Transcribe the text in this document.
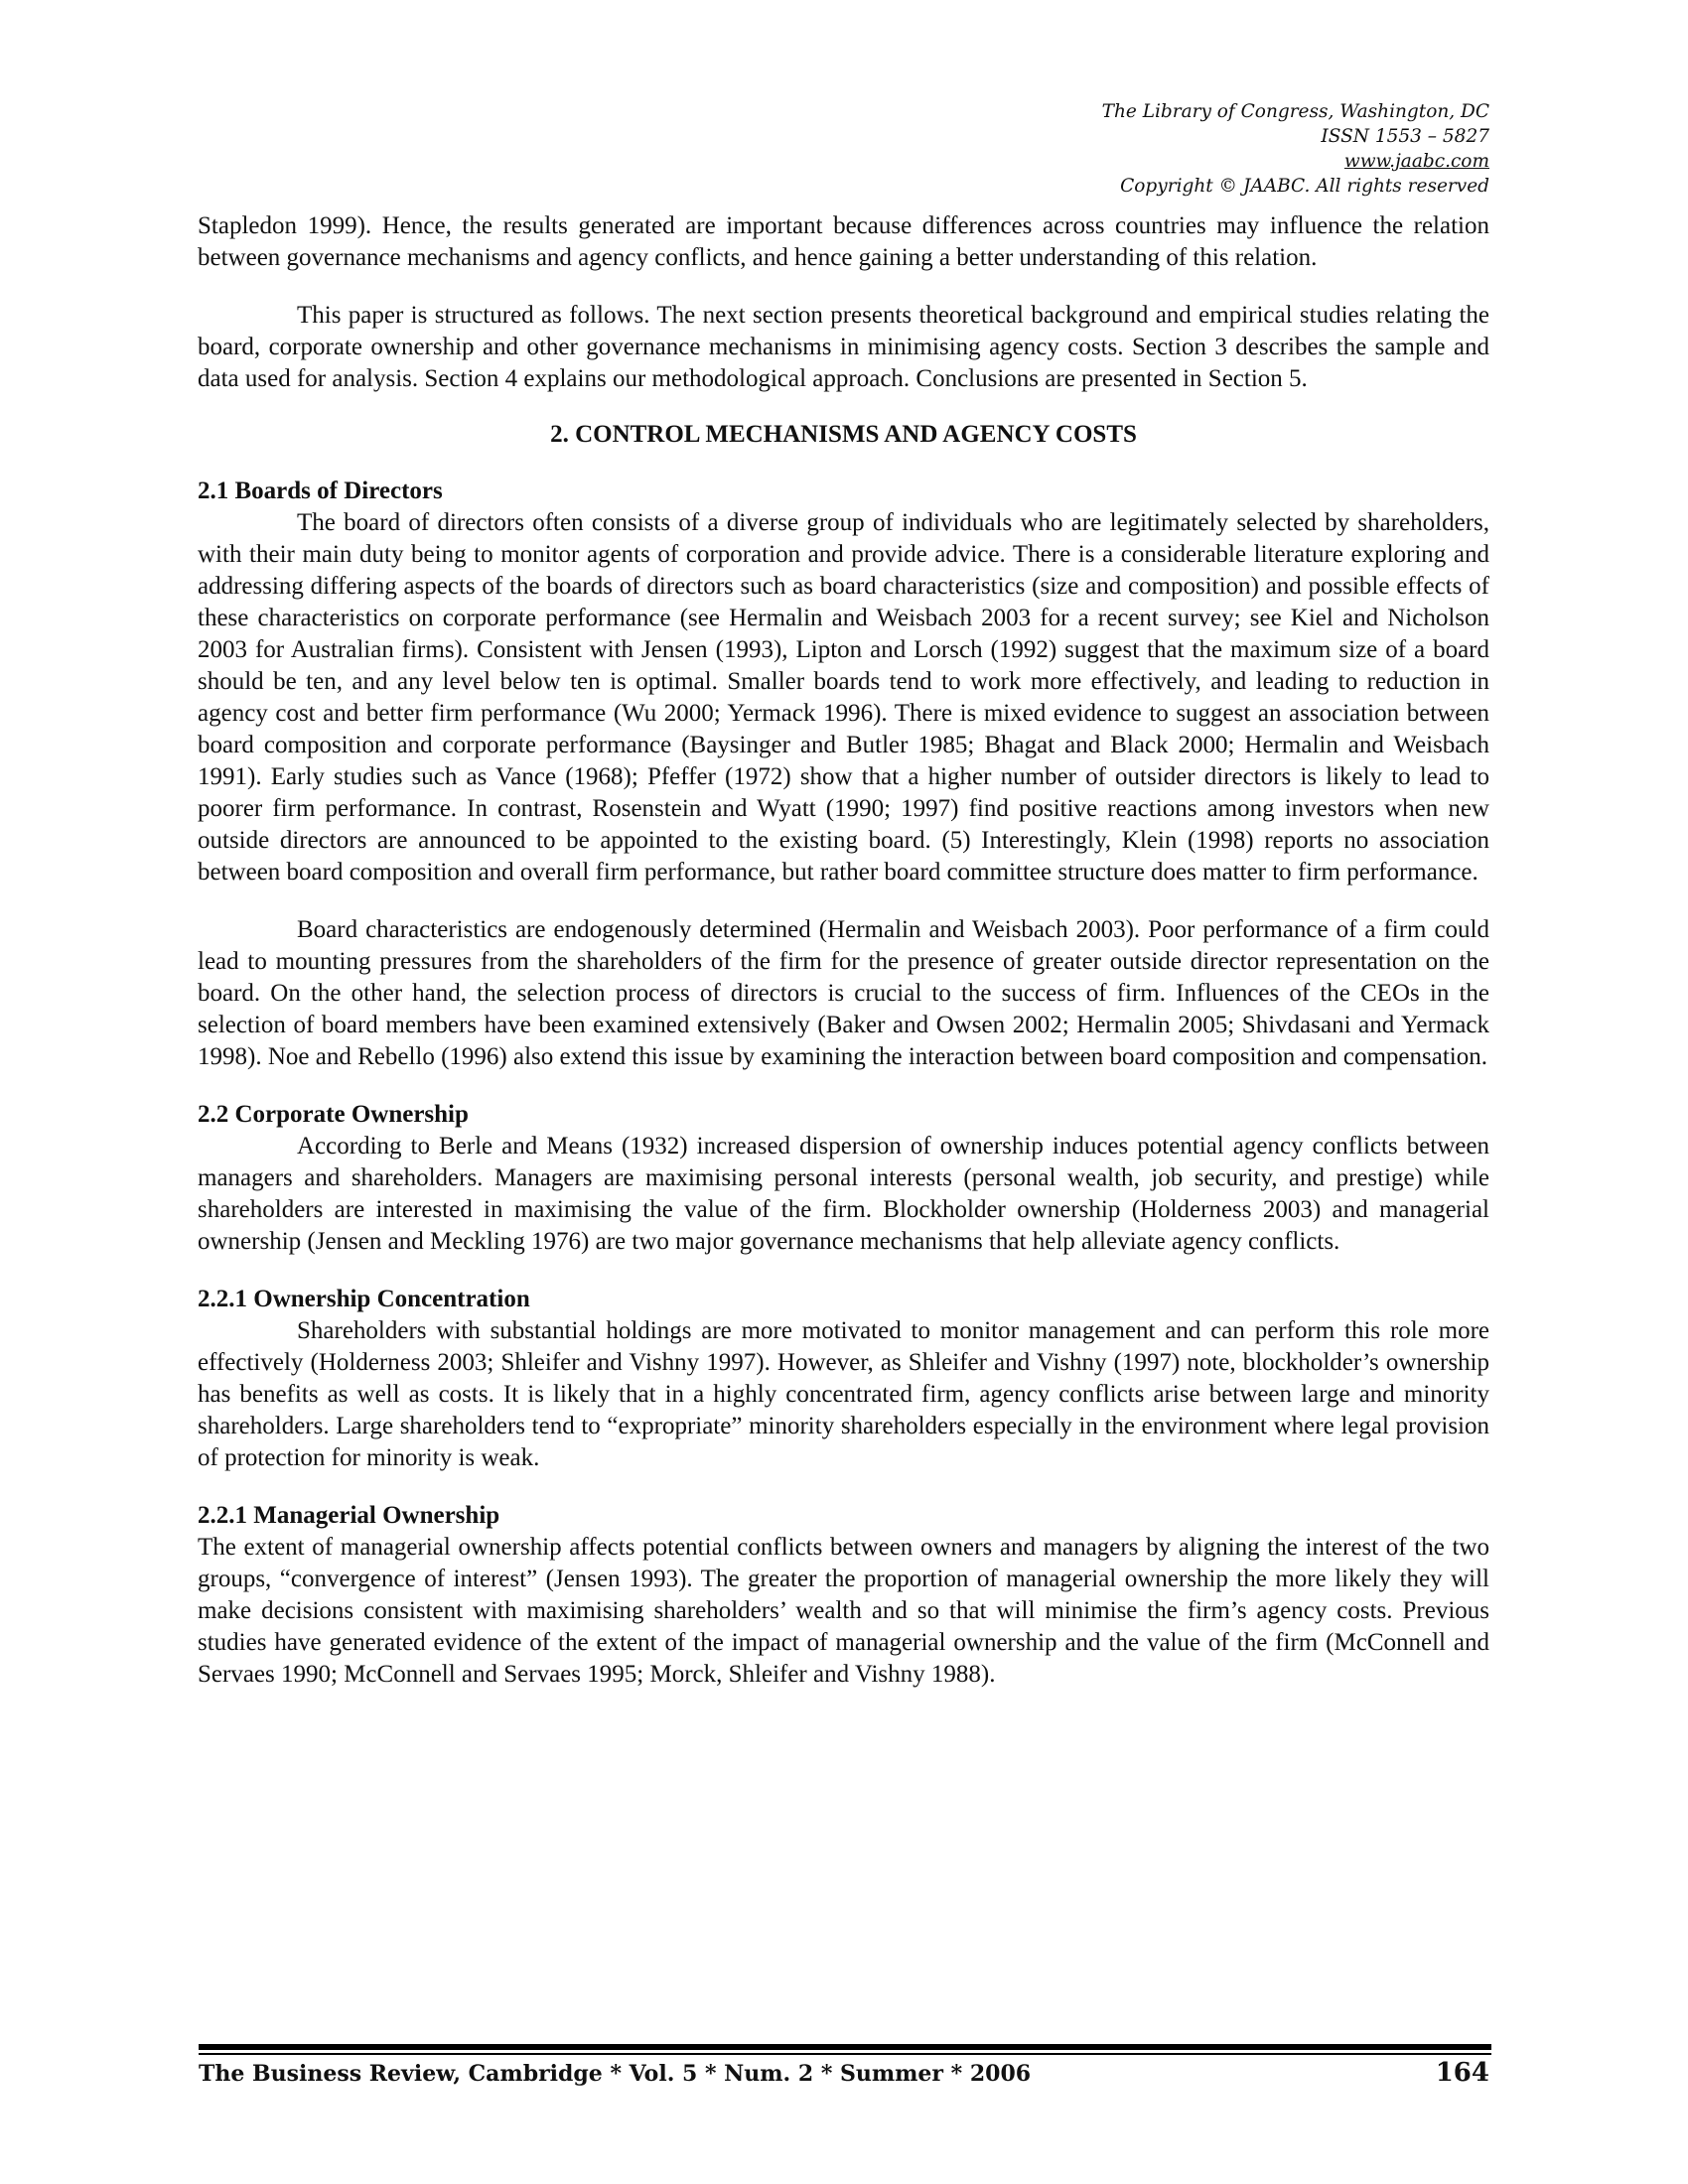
The Library of Congress, Washington, DC
ISSN 1553 – 5827
www.jaabc.com
Copyright © JAABC. All rights reserved

Stapledon 1999). Hence, the results generated are important because differences across countries may influence the relation between governance mechanisms and agency conflicts, and hence gaining a better understanding of this relation.

This paper is structured as follows. The next section presents theoretical background and empirical studies relating the board, corporate ownership and other governance mechanisms in minimising agency costs. Section 3 describes the sample and data used for analysis. Section 4 explains our methodological approach. Conclusions are presented in Section 5.

2. CONTROL MECHANISMS AND AGENCY COSTS
2.1 Boards of Directors

The board of directors often consists of a diverse group of individuals who are legitimately selected by shareholders, with their main duty being to monitor agents of corporation and provide advice. There is a considerable literature exploring and addressing differing aspects of the boards of directors such as board characteristics (size and composition) and possible effects of these characteristics on corporate performance (see Hermalin and Weisbach 2003 for a recent survey; see Kiel and Nicholson 2003 for Australian firms). Consistent with Jensen (1993), Lipton and Lorsch (1992) suggest that the maximum size of a board should be ten, and any level below ten is optimal. Smaller boards tend to work more effectively, and leading to reduction in agency cost and better firm performance (Wu 2000; Yermack 1996). There is mixed evidence to suggest an association between board composition and corporate performance (Baysinger and Butler 1985; Bhagat and Black 2000; Hermalin and Weisbach 1991). Early studies such as Vance (1968); Pfeffer (1972) show that a higher number of outsider directors is likely to lead to poorer firm performance. In contrast, Rosenstein and Wyatt (1990; 1997) find positive reactions among investors when new outside directors are announced to be appointed to the existing board. (5) Interestingly, Klein (1998) reports no association between board composition and overall firm performance, but rather board committee structure does matter to firm performance.

Board characteristics are endogenously determined (Hermalin and Weisbach 2003). Poor performance of a firm could lead to mounting pressures from the shareholders of the firm for the presence of greater outside director representation on the board. On the other hand, the selection process of directors is crucial to the success of firm. Influences of the CEOs in the selection of board members have been examined extensively (Baker and Owsen 2002; Hermalin 2005; Shivdasani and Yermack 1998). Noe and Rebello (1996) also extend this issue by examining the interaction between board composition and compensation.

2.2 Corporate Ownership

According to Berle and Means (1932) increased dispersion of ownership induces potential agency conflicts between managers and shareholders. Managers are maximising personal interests (personal wealth, job security, and prestige) while shareholders are interested in maximising the value of the firm. Blockholder ownership (Holderness 2003) and managerial ownership (Jensen and Meckling 1976) are two major governance mechanisms that help alleviate agency conflicts.

2.2.1 Ownership Concentration

Shareholders with substantial holdings are more motivated to monitor management and can perform this role more effectively (Holderness 2003; Shleifer and Vishny 1997). However, as Shleifer and Vishny (1997) note, blockholder’s ownership has benefits as well as costs. It is likely that in a highly concentrated firm, agency conflicts arise between large and minority shareholders. Large shareholders tend to “expropriate” minority shareholders especially in the environment where legal provision of protection for minority is weak.

2.2.1 Managerial Ownership

The extent of managerial ownership affects potential conflicts between owners and managers by aligning the interest of the two groups, “convergence of interest” (Jensen 1993). The greater the proportion of managerial ownership the more likely they will make decisions consistent with maximising shareholders’ wealth and so that will minimise the firm’s agency costs. Previous studies have generated evidence of the extent of the impact of managerial ownership and the value of the firm (McConnell and Servaes 1990; McConnell and Servaes 1995; Morck, Shleifer and Vishny 1988).

The Business Review, Cambridge * Vol. 5 * Num. 2 * Summer * 2006	164
